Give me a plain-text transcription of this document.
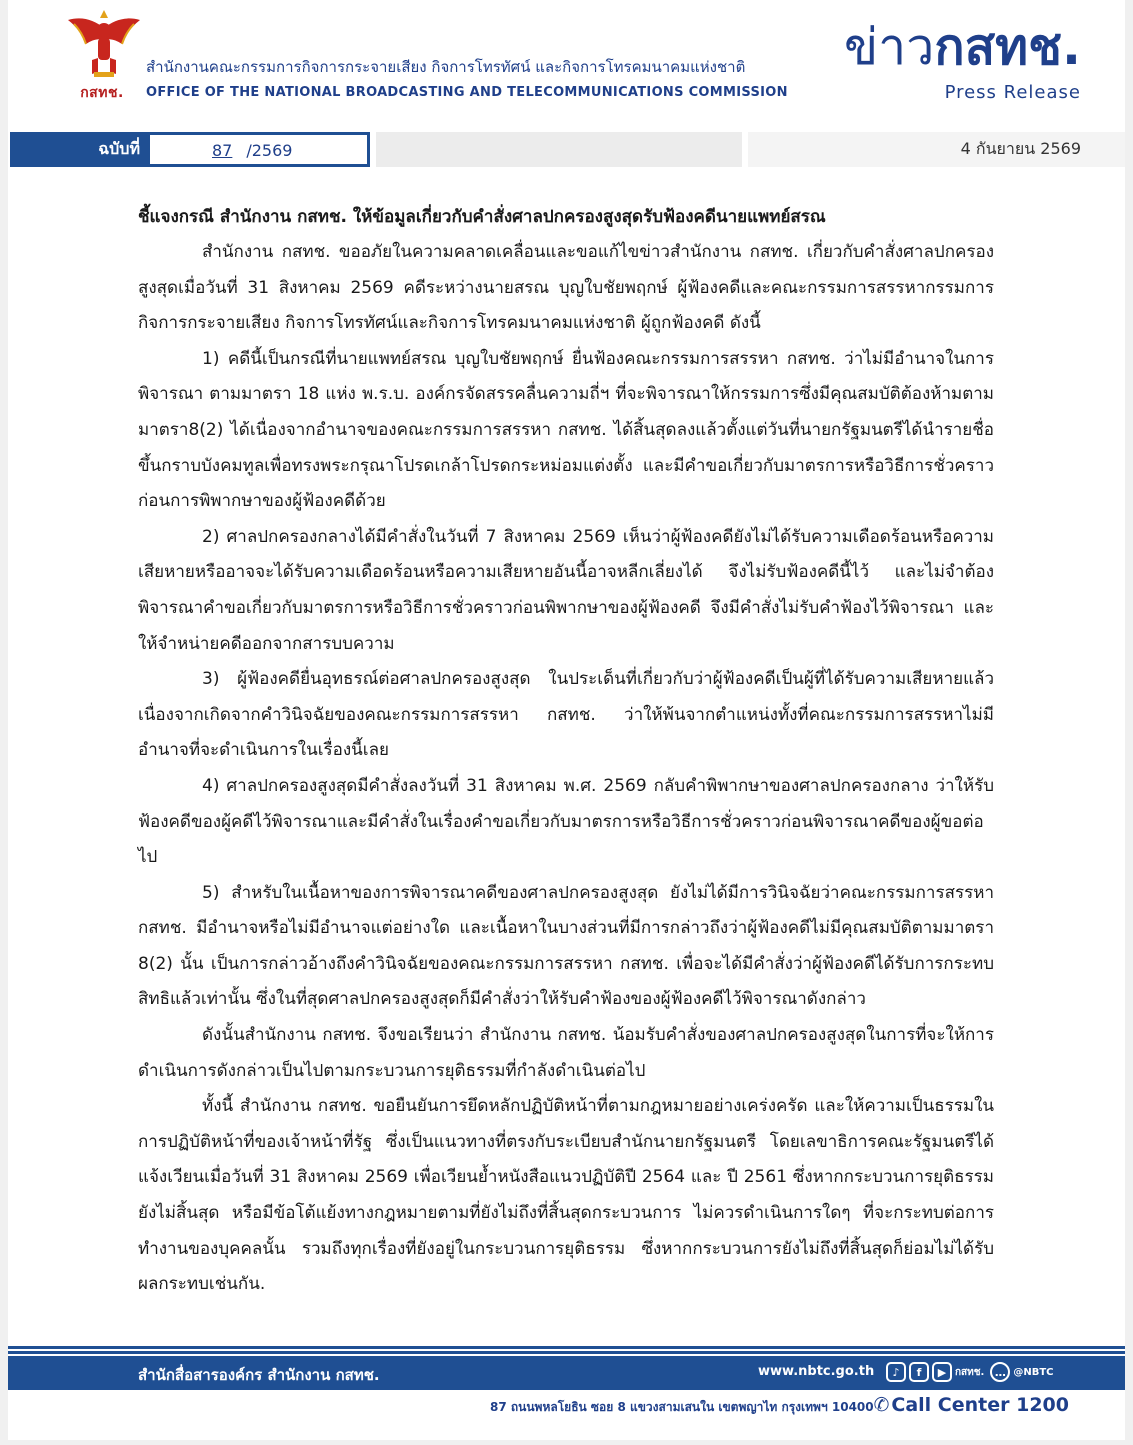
กสทช.
สำนักงานคณะกรรมการกิจการกระจายเสียง กิจการโทรทัศน์ และกิจการโทรคมนาคมแห่งชาติ
OFFICE OF THE NATIONAL BROADCASTING AND TELECOMMUNICATIONS COMMISSION
ข่าวกสทช.
Press Release
ฉบับที่	87 /2569	4 กันยายน 2569

ชี้แจงกรณี สำนักงาน กสทช. ให้ข้อมูลเกี่ยวกับคำสั่งศาลปกครองสูงสุดรับฟ้องคดีนายแพทย์สรณ

สำนักงาน กสทช. ขออภัยในความคลาดเคลื่อนและขอแก้ไขข่าวสำนักงาน กสทช. เกี่ยวกับคำสั่งศาลปกครองสูงสุดเมื่อวันที่ 31 สิงหาคม 2569 คดีระหว่างนายสรณ บุญใบชัยพฤกษ์ ผู้ฟ้องคดีและคณะกรรมการสรรหากรรมการกิจการกระจายเสียง กิจการโทรทัศน์และกิจการโทรคมนาคมแห่งชาติ ผู้ถูกฟ้องคดี ดังนี้

1) คดีนี้เป็นกรณีที่นายแพทย์สรณ บุญใบชัยพฤกษ์ ยื่นฟ้องคณะกรรมการสรรหา กสทช. ว่าไม่มีอำนาจในการพิจารณา ตามมาตรา 18 แห่ง พ.ร.บ. องค์กรจัดสรรคลื่นความถี่ฯ ที่จะพิจารณาให้กรรมการซึ่งมีคุณสมบัติต้องห้ามตามมาตรา8(2) ได้เนื่องจากอำนาจของคณะกรรมการสรรหา กสทช. ได้สิ้นสุดลงแล้วตั้งแต่วันที่นายกรัฐมนตรีได้นำรายชื่อขึ้นกราบบังคมทูลเพื่อทรงพระกรุณาโปรดเกล้าโปรดกระหม่อมแต่งตั้ง และมีคำขอเกี่ยวกับมาตรการหรือวิธีการชั่วคราวก่อนการพิพากษาของผู้ฟ้องคดีด้วย

2) ศาลปกครองกลางได้มีคำสั่งในวันที่ 7 สิงหาคม 2569 เห็นว่าผู้ฟ้องคดียังไม่ได้รับความเดือดร้อนหรือความเสียหายหรืออาจจะได้รับความเดือดร้อนหรือความเสียหายอันนี้อาจหลีกเลี่ยงได้ จึงไม่รับฟ้องคดีนี้ไว้ และไม่จำต้องพิจารณาคำขอเกี่ยวกับมาตรการหรือวิธีการชั่วคราวก่อนพิพากษาของผู้ฟ้องคดี จึงมีคำสั่งไม่รับคำฟ้องไว้พิจารณา และให้จำหน่ายคดีออกจากสารบบความ

3) ผู้ฟ้องคดียื่นอุทธรณ์ต่อศาลปกครองสูงสุด ในประเด็นที่เกี่ยวกับว่าผู้ฟ้องคดีเป็นผู้ที่ได้รับความเสียหายแล้วเนื่องจากเกิดจากคำวินิจฉัยของคณะกรรมการสรรหา กสทช. ว่าให้พ้นจากตำแหน่งทั้งที่คณะกรรมการสรรหาไม่มีอำนาจที่จะดำเนินการในเรื่องนี้เลย

4) ศาลปกครองสูงสุดมีคำสั่งลงวันที่ 31 สิงหาคม พ.ศ. 2569 กลับคำพิพากษาของศาลปกครองกลาง ว่าให้รับฟ้องคดีของผู้คดีไว้พิจารณาและมีคำสั่งในเรื่องคำขอเกี่ยวกับมาตรการหรือวิธีการชั่วคราวก่อนพิจารณาคดีของผู้ขอต่อไป

5) สำหรับในเนื้อหาของการพิจารณาคดีของศาลปกครองสูงสุด ยังไม่ได้มีการวินิจฉัยว่าคณะกรรมการสรรหา กสทช. มีอำนาจหรือไม่มีอำนาจแต่อย่างใด และเนื้อหาในบางส่วนที่มีการกล่าวถึงว่าผู้ฟ้องคดีไม่มีคุณสมบัติตามมาตรา 8(2) นั้น เป็นการกล่าวอ้างถึงคำวินิจฉัยของคณะกรรมการสรรหา กสทช. เพื่อจะได้มีคำสั่งว่าผู้ฟ้องคดีได้รับการกระทบสิทธิแล้วเท่านั้น ซึ่งในที่สุดศาลปกครองสูงสุดก็มีคำสั่งว่าให้รับคำฟ้องของผู้ฟ้องคดีไว้พิจารณาดังกล่าว

ดังนั้นสำนักงาน กสทช. จึงขอเรียนว่า สำนักงาน กสทช. น้อมรับคำสั่งของศาลปกครองสูงสุดในการที่จะให้การดำเนินการดังกล่าวเป็นไปตามกระบวนการยุติธรรมที่กำลังดำเนินต่อไป

ทั้งนี้ สำนักงาน กสทช. ขอยืนยันการยึดหลักปฏิบัติหน้าที่ตามกฎหมายอย่างเคร่งครัด และให้ความเป็นธรรมในการปฏิบัติหน้าที่ของเจ้าหน้าที่รัฐ ซึ่งเป็นแนวทางที่ตรงกับระเบียบสำนักนายกรัฐมนตรี โดยเลขาธิการคณะรัฐมนตรีได้แจ้งเวียนเมื่อวันที่ 31 สิงหาคม 2569 เพื่อเวียนย้ำหนังสือแนวปฏิบัติปี 2564 และ ปี 2561 ซึ่งหากกระบวนการยุติธรรมยังไม่สิ้นสุด หรือมีข้อโต้แย้งทางกฎหมายตามที่ยังไม่ถึงที่สิ้นสุดกระบวนการ ไม่ควรดำเนินการใดๆ ที่จะกระทบต่อการทำงานของบุคคลนั้น รวมถึงทุกเรื่องที่ยังอยู่ในกระบวนการยุติธรรม ซึ่งหากกระบวนการยังไม่ถึงที่สิ้นสุดก็ย่อมไม่ได้รับผลกระทบเช่นกัน.

สำนักสื่อสารองค์กร สำนักงาน กสทช.	www.nbtc.go.th	♪	f	▶ กสทช. … @NBTC
87 ถนนพหลโยธิน ซอย 8 แขวงสามเสนใน เขตพญาไท กรุงเทพฯ 10400 ✆ Call Center 1200
